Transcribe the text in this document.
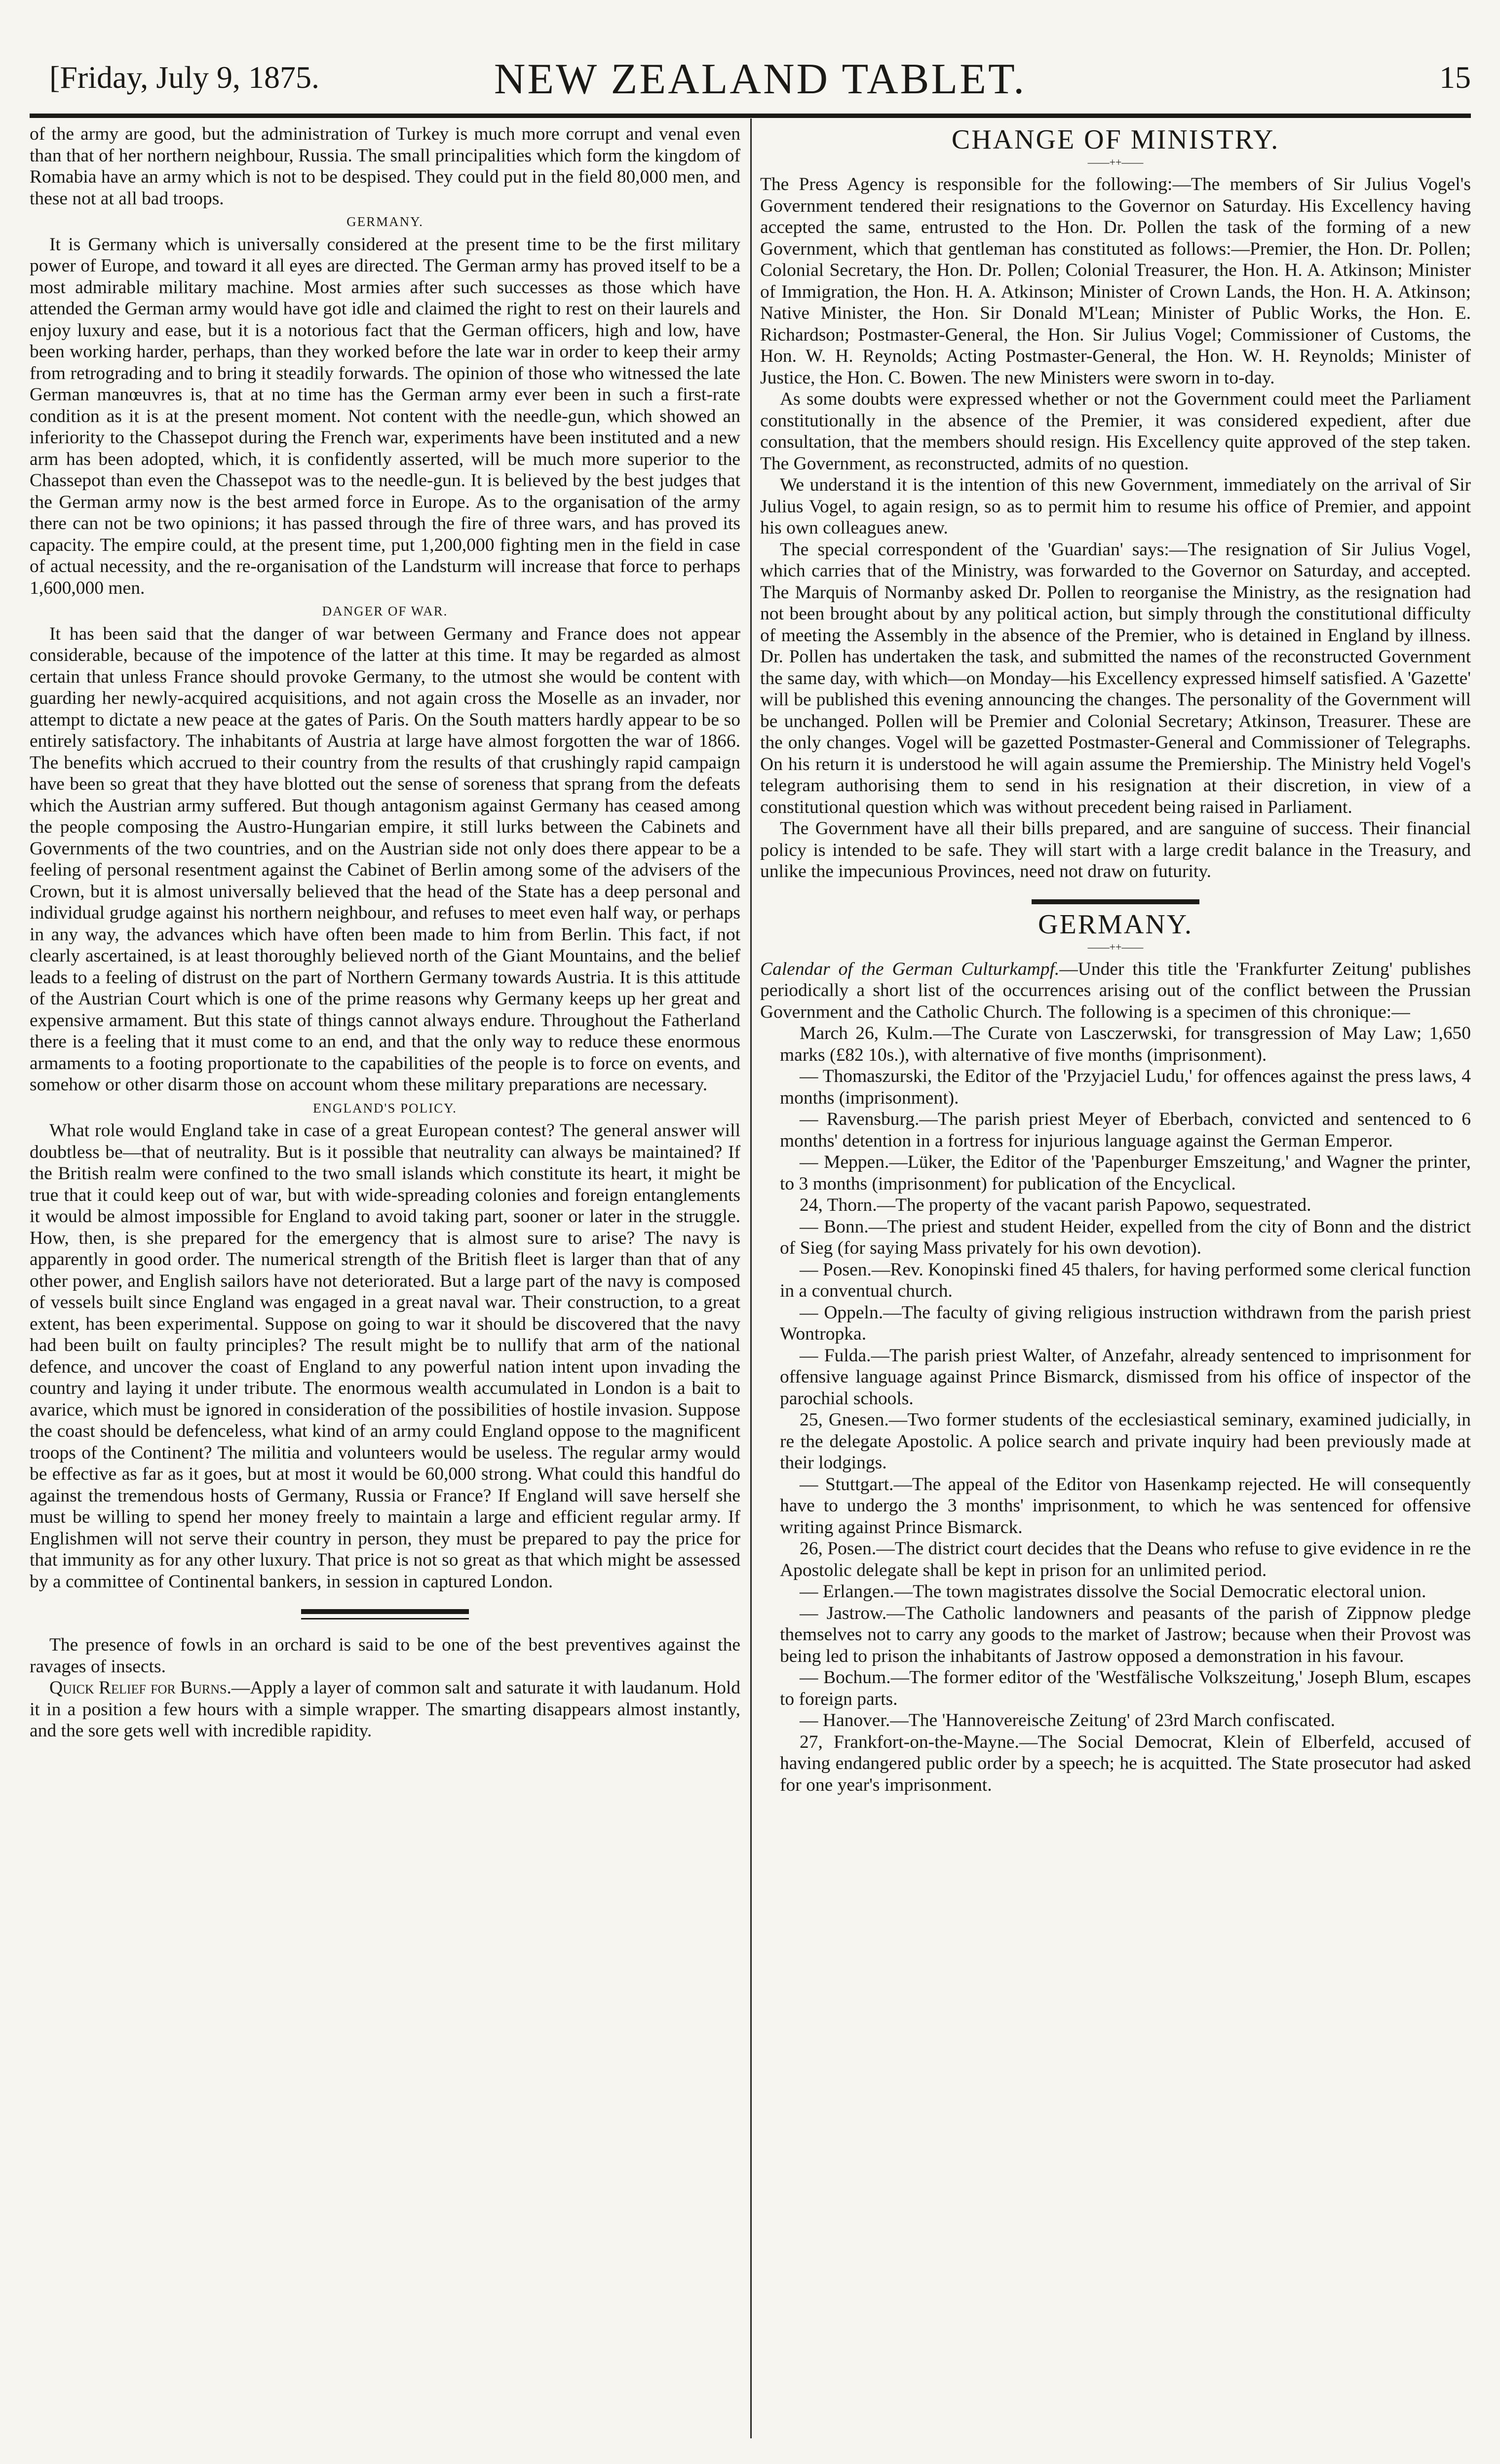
[Friday, July 9, 1875.	NEW ZEALAND TABLET.	15

of the army are good, but the administration of Turkey is much more corrupt and venal even than that of her northern neighbour, Russia. The small principalities which form the kingdom of Romabia have an army which is not to be despised. They could put in the field 80,000 men, and these not at all bad troops.

GERMANY.

It is Germany which is universally considered at the present time to be the first military power of Europe, and toward it all eyes are directed. The German army has proved itself to be a most admirable military machine. Most armies after such successes as those which have attended the German army would have got idle and claimed the right to rest on their laurels and enjoy luxury and ease, but it is a notorious fact that the German officers, high and low, have been working harder, perhaps, than they worked before the late war in order to keep their army from retrograding and to bring it steadily forwards. The opinion of those who witnessed the late German manœuvres is, that at no time has the German army ever been in such a first-rate condition as it is at the present moment. Not content with the needle-gun, which showed an inferiority to the Chassepot during the French war, experiments have been instituted and a new arm has been adopted, which, it is confidently asserted, will be much more superior to the Chassepot than even the Chassepot was to the needle-gun. It is believed by the best judges that the German army now is the best armed force in Europe. As to the organisation of the army there can not be two opinions; it has passed through the fire of three wars, and has proved its capacity. The empire could, at the present time, put 1,200,000 fighting men in the field in case of actual necessity, and the re-organisation of the Landsturm will increase that force to perhaps 1,600,000 men.

DANGER OF WAR.

It has been said that the danger of war between Germany and France does not appear considerable, because of the impotence of the latter at this time. It may be regarded as almost certain that unless France should provoke Germany, to the utmost she would be content with guarding her newly-acquired acquisitions, and not again cross the Moselle as an invader, nor attempt to dictate a new peace at the gates of Paris. On the South matters hardly appear to be so entirely satisfactory. The inhabitants of Austria at large have almost forgotten the war of 1866. The benefits which accrued to their country from the results of that crushingly rapid campaign have been so great that they have blotted out the sense of soreness that sprang from the defeats which the Austrian army suffered. But though antagonism against Germany has ceased among the people composing the Austro-Hungarian empire, it still lurks between the Cabinets and Governments of the two countries, and on the Austrian side not only does there appear to be a feeling of personal resentment against the Cabinet of Berlin among some of the advisers of the Crown, but it is almost universally believed that the head of the State has a deep personal and individual grudge against his northern neighbour, and refuses to meet even half way, or perhaps in any way, the advances which have often been made to him from Berlin. This fact, if not clearly ascertained, is at least thoroughly believed north of the Giant Mountains, and the belief leads to a feeling of distrust on the part of Northern Germany towards Austria. It is this attitude of the Austrian Court which is one of the prime reasons why Germany keeps up her great and expensive armament. But this state of things cannot always endure. Throughout the Fatherland there is a feeling that it must come to an end, and that the only way to reduce these enormous armaments to a footing proportionate to the capabilities of the people is to force on events, and somehow or other disarm those on account whom these military preparations are necessary.

ENGLAND'S POLICY.

What role would England take in case of a great European contest? The general answer will doubtless be—that of neutrality. But is it possible that neutrality can always be maintained? If the British realm were confined to the two small islands which constitute its heart, it might be true that it could keep out of war, but with wide-spreading colonies and foreign entanglements it would be almost impossible for England to avoid taking part, sooner or later in the struggle. How, then, is she prepared for the emergency that is almost sure to arise? The navy is apparently in good order. The numerical strength of the British fleet is larger than that of any other power, and English sailors have not deteriorated. But a large part of the navy is composed of vessels built since England was engaged in a great naval war. Their construction, to a great extent, has been experimental. Suppose on going to war it should be discovered that the navy had been built on faulty principles? The result might be to nullify that arm of the national defence, and uncover the coast of England to any powerful nation intent upon invading the country and laying it under tribute. The enormous wealth accumulated in London is a bait to avarice, which must be ignored in consideration of the possibilities of hostile invasion. Suppose the coast should be defenceless, what kind of an army could England oppose to the magnificent troops of the Continent? The militia and volunteers would be useless. The regular army would be effective as far as it goes, but at most it would be 60,000 strong. What could this handful do against the tremendous hosts of Germany, Russia or France? If England will save herself she must be willing to spend her money freely to maintain a large and efficient regular army. If Englishmen will not serve their country in person, they must be prepared to pay the price for that immunity as for any other luxury. That price is not so great as that which might be assessed by a committee of Continental bankers, in session in captured London.

The presence of fowls in an orchard is said to be one of the best preventives against the ravages of insects.

Quick Relief for Burns.—Apply a layer of common salt and saturate it with laudanum. Hold it in a position a few hours with a simple wrapper. The smarting disappears almost instantly, and the sore gets well with incredible rapidity.

CHANGE OF MINISTRY.
——++——

The Press Agency is responsible for the following:—The members of Sir Julius Vogel's Government tendered their resignations to the Governor on Saturday. His Excellency having accepted the same, entrusted to the Hon. Dr. Pollen the task of the forming of a new Government, which that gentleman has constituted as follows:—Premier, the Hon. Dr. Pollen; Colonial Secretary, the Hon. Dr. Pollen; Colonial Treasurer, the Hon. H. A. Atkinson; Minister of Immigration, the Hon. H. A. Atkinson; Minister of Crown Lands, the Hon. H. A. Atkinson; Native Minister, the Hon. Sir Donald M'Lean; Minister of Public Works, the Hon. E. Richardson; Postmaster-General, the Hon. Sir Julius Vogel; Commissioner of Customs, the Hon. W. H. Reynolds; Acting Postmaster-General, the Hon. W. H. Reynolds; Minister of Justice, the Hon. C. Bowen. The new Ministers were sworn in to-day.

As some doubts were expressed whether or not the Government could meet the Parliament constitutionally in the absence of the Premier, it was considered expedient, after due consultation, that the members should resign. His Excellency quite approved of the step taken. The Government, as reconstructed, admits of no question.

We understand it is the intention of this new Government, immediately on the arrival of Sir Julius Vogel, to again resign, so as to permit him to resume his office of Premier, and appoint his own colleagues anew.

The special correspondent of the 'Guardian' says:—The resignation of Sir Julius Vogel, which carries that of the Ministry, was forwarded to the Governor on Saturday, and accepted. The Marquis of Normanby asked Dr. Pollen to reorganise the Ministry, as the resignation had not been brought about by any political action, but simply through the constitutional difficulty of meeting the Assembly in the absence of the Premier, who is detained in England by illness. Dr. Pollen has undertaken the task, and submitted the names of the reconstructed Government the same day, with which—on Monday—his Excellency expressed himself satisfied. A 'Gazette' will be published this evening announcing the changes. The personality of the Government will be unchanged. Pollen will be Premier and Colonial Secretary; Atkinson, Treasurer. These are the only changes. Vogel will be gazetted Postmaster-General and Commissioner of Telegraphs. On his return it is understood he will again assume the Premiership. The Ministry held Vogel's telegram authorising them to send in his resignation at their discretion, in view of a constitutional question which was without precedent being raised in Parliament.

The Government have all their bills prepared, and are sanguine of success. Their financial policy is intended to be safe. They will start with a large credit balance in the Treasury, and unlike the impecunious Provinces, need not draw on futurity.

GERMANY.
——++——

Calendar of the German Culturkampf.—Under this title the 'Frankfurter Zeitung' publishes periodically a short list of the occurrences arising out of the conflict between the Prussian Government and the Catholic Church. The following is a specimen of this chronique:—

March 26, Kulm.—The Curate von Lasczerwski, for transgression of May Law; 1,650 marks (£82 10s.), with alternative of five months (imprisonment).

— Thomaszurski, the Editor of the 'Przyjaciel Ludu,' for offences against the press laws, 4 months (imprisonment).

— Ravensburg.—The parish priest Meyer of Eberbach, convicted and sentenced to 6 months' detention in a fortress for injurious language against the German Emperor.

— Meppen.—Lüker, the Editor of the 'Papenburger Emszeitung,' and Wagner the printer, to 3 months (imprisonment) for publication of the Encyclical.

24, Thorn.—The property of the vacant parish Papowo, sequestrated.

— Bonn.—The priest and student Heider, expelled from the city of Bonn and the district of Sieg (for saying Mass privately for his own devotion).

— Posen.—Rev. Konopinski fined 45 thalers, for having performed some clerical function in a conventual church.

— Oppeln.—The faculty of giving religious instruction withdrawn from the parish priest Wontropka.

— Fulda.—The parish priest Walter, of Anzefahr, already sentenced to imprisonment for offensive language against Prince Bismarck, dismissed from his office of inspector of the parochial schools.

25, Gnesen.—Two former students of the ecclesiastical seminary, examined judicially, in re the delegate Apostolic. A police search and private inquiry had been previously made at their lodgings.

— Stuttgart.—The appeal of the Editor von Hasenkamp rejected. He will consequently have to undergo the 3 months' imprisonment, to which he was sentenced for offensive writing against Prince Bismarck.

26, Posen.—The district court decides that the Deans who refuse to give evidence in re the Apostolic delegate shall be kept in prison for an unlimited period.

— Erlangen.—The town magistrates dissolve the Social Democratic electoral union.

— Jastrow.—The Catholic landowners and peasants of the parish of Zippnow pledge themselves not to carry any goods to the market of Jastrow; because when their Provost was being led to prison the inhabitants of Jastrow opposed a demonstration in his favour.

— Bochum.—The former editor of the 'Westfälische Volkszeitung,' Joseph Blum, escapes to foreign parts.

— Hanover.—The 'Hannovereische Zeitung' of 23rd March confiscated.

27, Frankfort-on-the-Mayne.—The Social Democrat, Klein of Elberfeld, accused of having endangered public order by a speech; he is acquitted. The State prosecutor had asked for one year's imprisonment.
